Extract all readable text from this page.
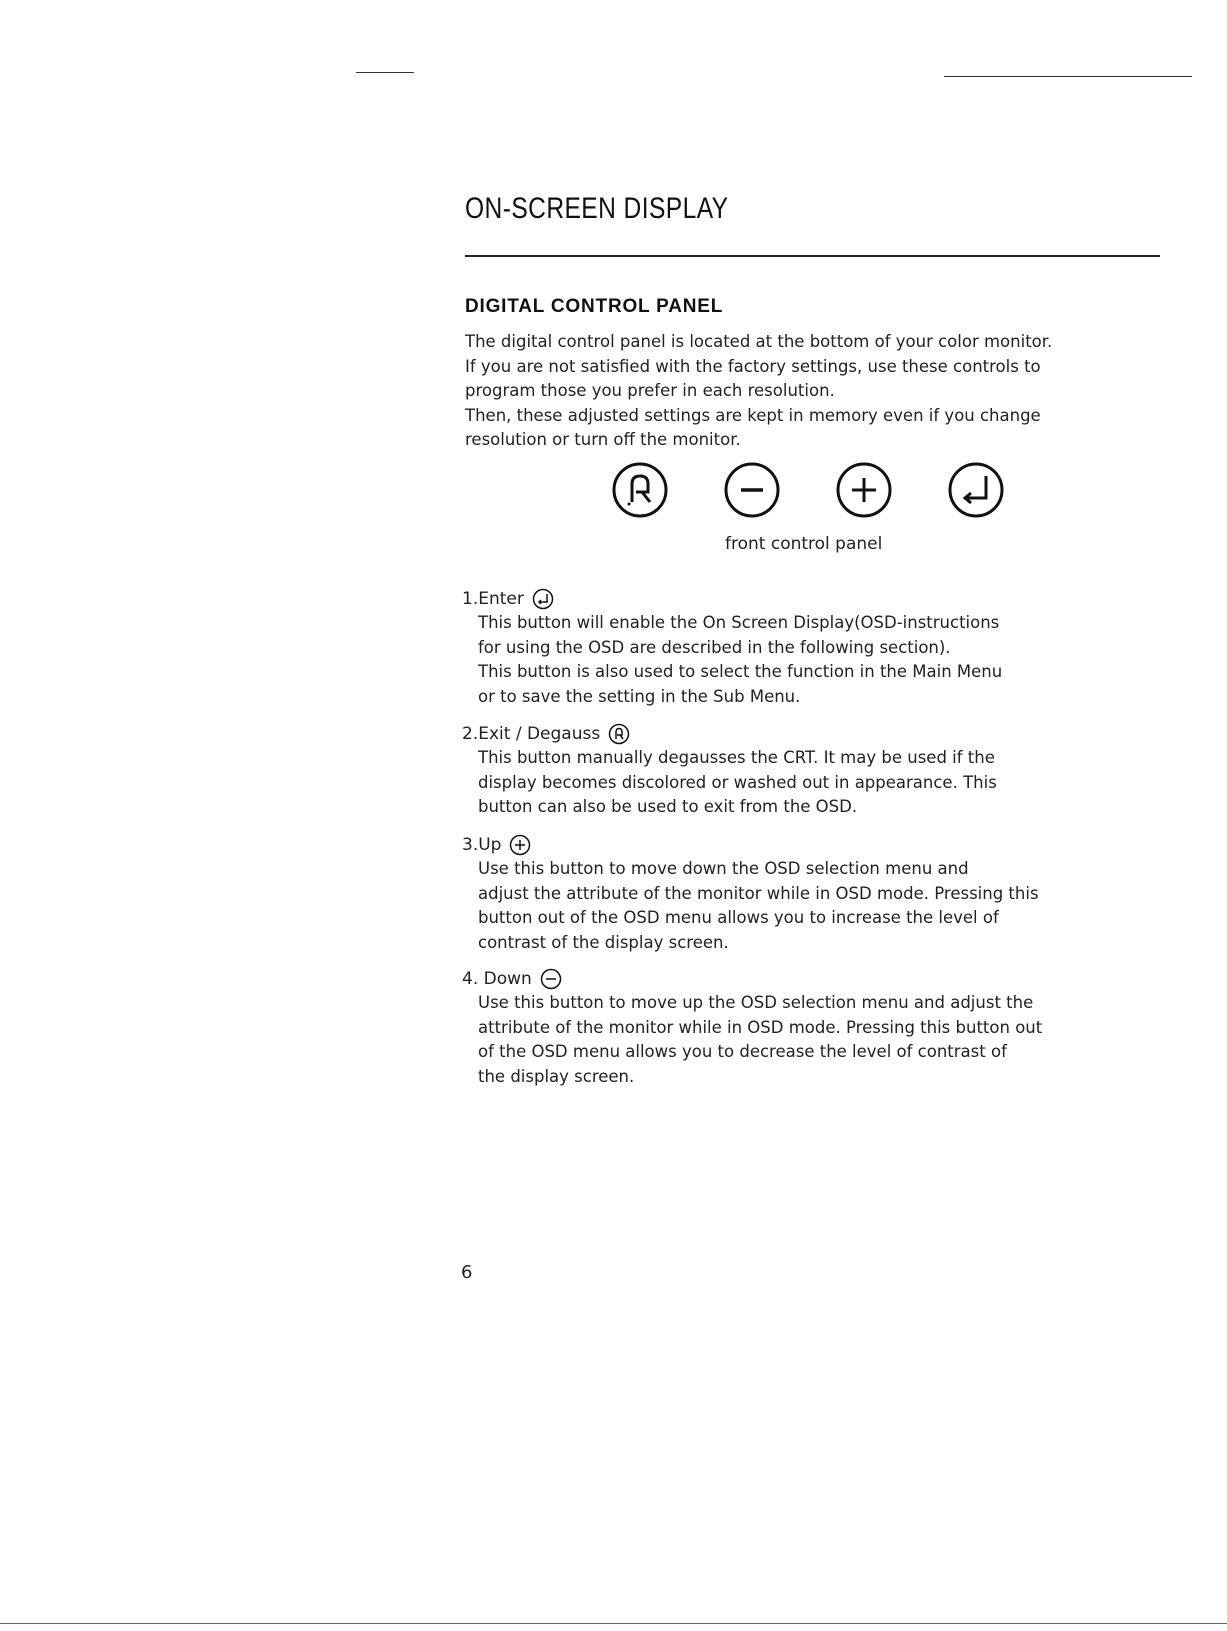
ON-SCREEN DISPLAY
DIGITAL CONTROL PANEL

The digital control panel is located at the bottom of your color monitor.

If you are not satisfied with the factory settings, use these controls to

program those you prefer in each resolution.

Then, these adjusted settings are kept in memory even if you change

resolution or turn off the monitor.

front control panel
1.Enter

This button will enable the On Screen Display(OSD-instructions

for using the OSD are described in the following section).

This button is also used to select the function in the Main Menu

or to save the setting in the Sub Menu.

2.Exit / Degauss

This button manually degausses the CRT. It may be used if the

display becomes discolored or washed out in appearance. This

button can also be used to exit from the OSD.

3.Up

Use this button to move down the OSD selection menu and

adjust the attribute of the monitor while in OSD mode. Pressing this

button out of the OSD menu allows you to increase the level of

contrast of the display screen.

4. Down

Use this button to move up the OSD selection menu and adjust the

attribute of the monitor while in OSD mode. Pressing this button out

of the OSD menu allows you to decrease the level of contrast of

the display screen.

6
